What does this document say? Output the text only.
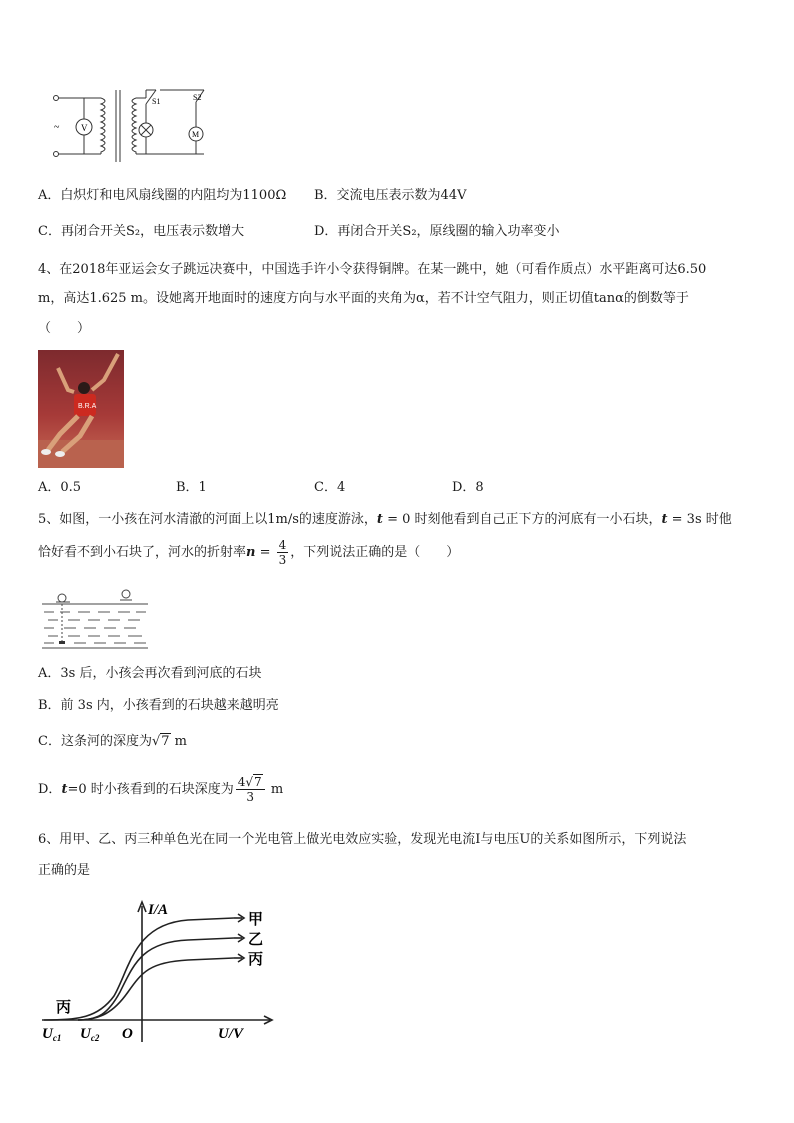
V
~
M
S1	S2
A．白炽灯和电风扇线圈的内阻均为1100Ω B．交流电压表示数为44V
C．再闭合开关S₂，电压表示数增大	D．再闭合开关S₂，原线圈的输入功率变小
4、在2018年亚运会女子跳远决赛中，中国选手许小令获得铜牌。在某一跳中，她（可看作质点）水平距离可达6.50
m，高达1.625 m。设她离开地面时的速度方向与水平面的夹角为α，若不计空气阻力，则正切值tanα的倒数等于
（　　）
B.R.A
A．0.5	B．1	C．4	D．8
5、如图，一小孩在河水清澈的河面上以1m/s的速度游泳，t = 0 时刻他看到自己正下方的河底有一小石块，t = 3s 时他
恰好看不到小石块了，河水的折射率$n = \frac{4}{3}$ ，下列说法正确的是（　　）
A．3s 后，小孩会再次看到河底的石块
B．前 3s 内，小孩看到的石块越来越明亮
C．这条河的深度为√7 m
D．t=0 时小孩看到的石块深度为 $\frac{4√7}{3}$ m
6、用甲、乙、丙三种单色光在同一个光电管上做光电效应实验，发现光电流I与电压U的关系如图所示，下列说法
正确的是
I/A
U/V
O
甲
乙
丙
丙
$U_{c1}$ $U_{c2}$
